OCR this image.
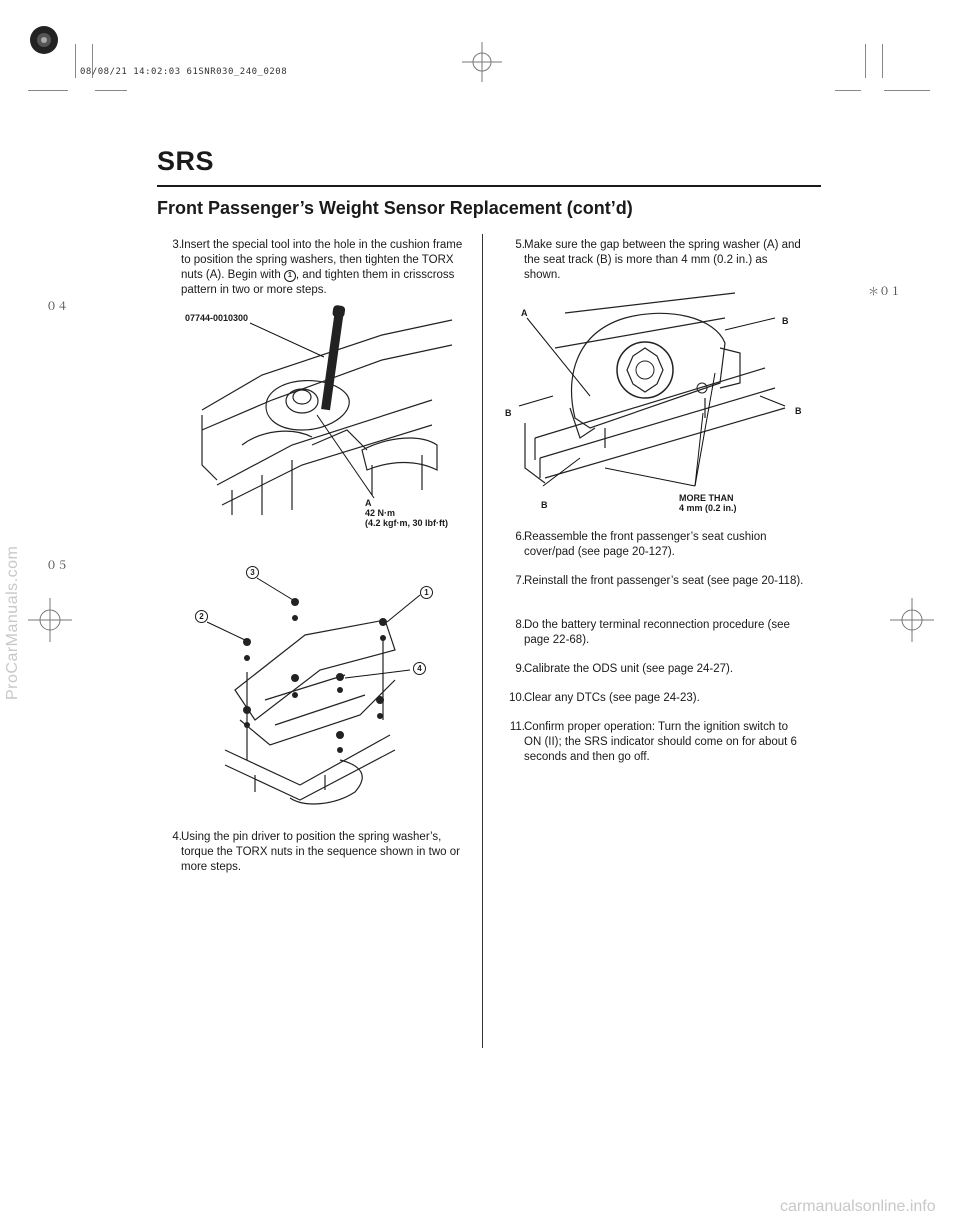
08/08/21 14:02:03 61SNR030_240_0208
SRS
Front Passenger’s Weight Sensor Replacement (cont’d)
＊０１
０４
０５
ProCarManuals.com
carmanualsonline.info
3. Insert the special tool into the hole in the cushion frame to position the spring washers, then tighten the TORX nuts (A). Begin with 1 , and tighten them in crisscross pattern in two or more steps.
07744-0010300
A
42 N·m
(4.2 kgf·m, 30 lbf·ft)
1
2
3
4
4. Using the pin driver to position the spring washer’s, torque the TORX nuts in the sequence shown in two or more steps.
5. Make sure the gap between the spring washer (A) and the seat track (B) is more than 4 mm (0.2 in.) as shown.
A
B
B	B
B
MORE THAN
4 mm (0.2 in.)
6. Reassemble the front passenger’s seat cushion cover/pad (see page 20-127).
7. Reinstall the front passenger’s seat (see page 20-118).
8. Do the battery terminal reconnection procedure (see page 22-68).
9. Calibrate the ODS unit (see page 24-27).
10. Clear any DTCs (see page 24-23).
11. Confirm proper operation: Turn the ignition switch to ON (II); the SRS indicator should come on for about 6 seconds and then go off.
